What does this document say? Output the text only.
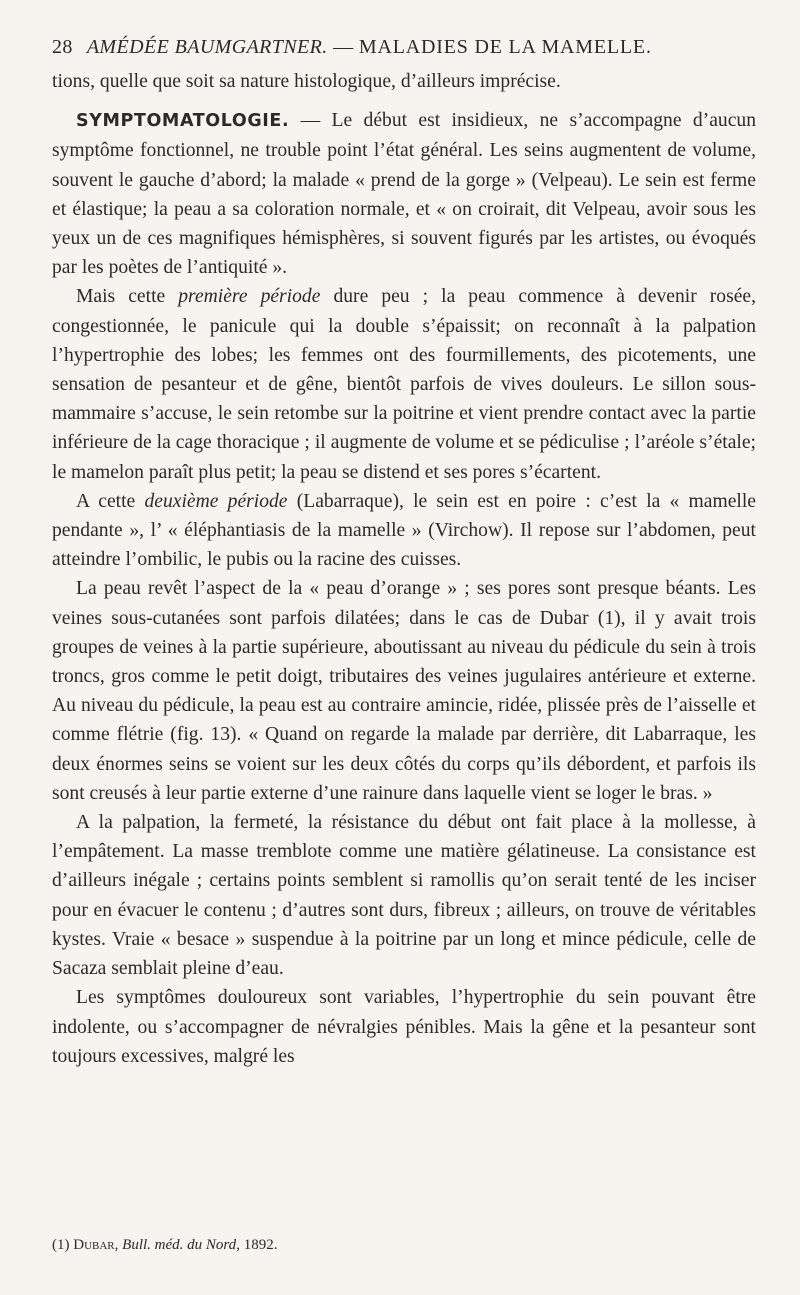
28 AMÉDÉE BAUMGARTNER.
—
MALADIES DE LA MAMELLE.

tions, quelle que soit sa nature histologique, d’ailleurs imprécise.

SYMPTOMATOLOGIE. — Le début est insidieux, ne s’accompagne d’aucun symptôme fonctionnel, ne trouble point l’état général. Les seins augmentent de volume, souvent le gauche d’abord; la malade « prend de la gorge » (Velpeau). Le sein est ferme et élastique; la peau a sa coloration normale, et « on croirait, dit Velpeau, avoir sous les yeux un de ces magnifiques hémisphères, si souvent figurés par les artistes, ou évoqués par les poètes de l’antiquité ».

Mais cette première période dure peu ; la peau commence à devenir rosée, congestionnée, le panicule qui la double s’épaissit; on reconnaît à la palpation l’hypertrophie des lobes; les femmes ont des fourmillements, des picotements, une sensation de pesanteur et de gêne, bientôt parfois de vives douleurs. Le sillon sous-mammaire s’accuse, le sein retombe sur la poitrine et vient prendre contact avec la partie inférieure de la cage thoracique ; il augmente de volume et se pédiculise ; l’aréole s’étale; le mamelon paraît plus petit; la peau se distend et ses pores s’écartent.

A cette deuxième période (Labarraque), le sein est en poire : c’est la « mamelle pendante », l’ « éléphantiasis de la mamelle » (Virchow). Il repose sur l’abdomen, peut atteindre l’ombilic, le pubis ou la racine des cuisses.

La peau revêt l’aspect de la « peau d’orange » ; ses pores sont presque béants. Les veines sous-cutanées sont parfois dilatées; dans le cas de Dubar (1), il y avait trois groupes de veines à la partie supérieure, aboutissant au niveau du pédicule du sein à trois troncs, gros comme le petit doigt, tributaires des veines jugulaires antérieure et externe. Au niveau du pédicule, la peau est au contraire amincie, ridée, plissée près de l’aisselle et comme flétrie (fig. 13). « Quand on regarde la malade par derrière, dit Labarraque, les deux énormes seins se voient sur les deux côtés du corps qu’ils débordent, et parfois ils sont creusés à leur partie externe d’une rainure dans laquelle vient se loger le bras. »

A la palpation, la fermeté, la résistance du début ont fait place à la mollesse, à l’empâtement. La masse tremblote comme une matière gélatineuse. La consistance est d’ailleurs inégale ; certains points semblent si ramollis qu’on serait tenté de les inciser pour en évacuer le contenu ; d’autres sont durs, fibreux ; ailleurs, on trouve de véritables kystes. Vraie « besace » suspendue à la poitrine par un long et mince pédicule, celle de Sacaza semblait pleine d’eau.

Les symptômes douloureux sont variables, l’hypertrophie du sein pouvant être indolente, ou s’accompagner de névralgies pénibles. Mais la gêne et la pesanteur sont toujours excessives, malgré les

(1) Dubar, Bull. méd. du Nord, 1892.
